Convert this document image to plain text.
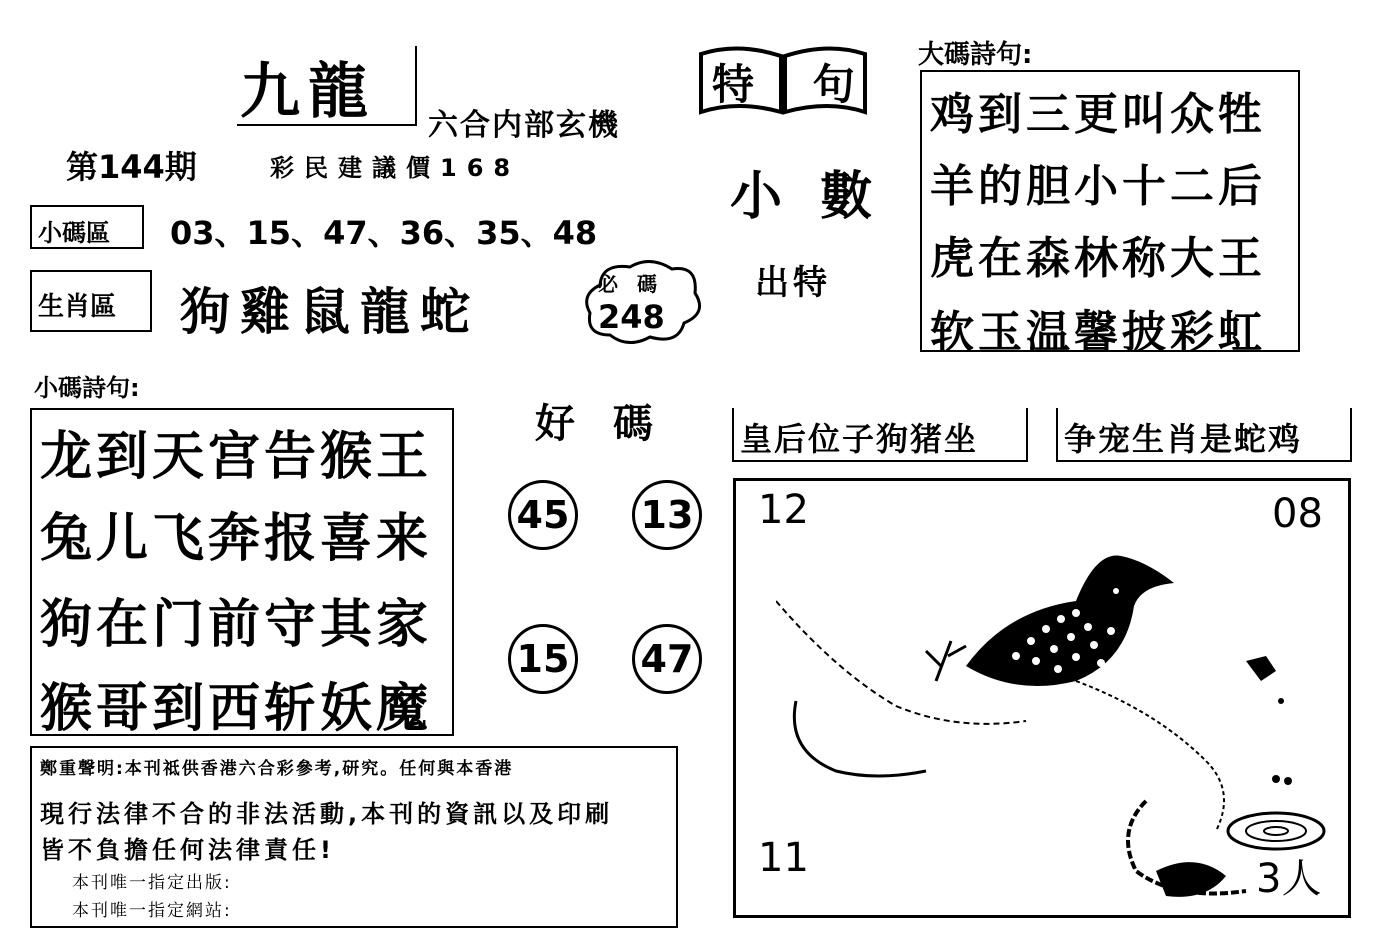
九龍 六合内部玄機
第144期	彩民建議價168
小碼區 03、15、47、36、35、48
生肖區 狗雞鼠龍蛇	必 碼
248
特 句
小 數
出特
大碼詩句:
鸡到三更叫众牲
羊的胆小十二后
虎在森林称大王
软玉温馨披彩虹
小碼詩句:
龙到天宫告猴王
兔儿飞奔报喜来
狗在门前守其家
猴哥到西斩妖魔
好 碼
45 13
15 47
皇后位子狗猪坐	争宠生肖是蛇鸡
12	08
11	3人
鄭重聲明:本刊祗供香港六合彩參考,研究。任何與本香港
現行法律不合的非法活動,本刊的資訊以及印刷
皆不負擔任何法律責任!
本刊唯一指定出版:
本刊唯一指定網站:
